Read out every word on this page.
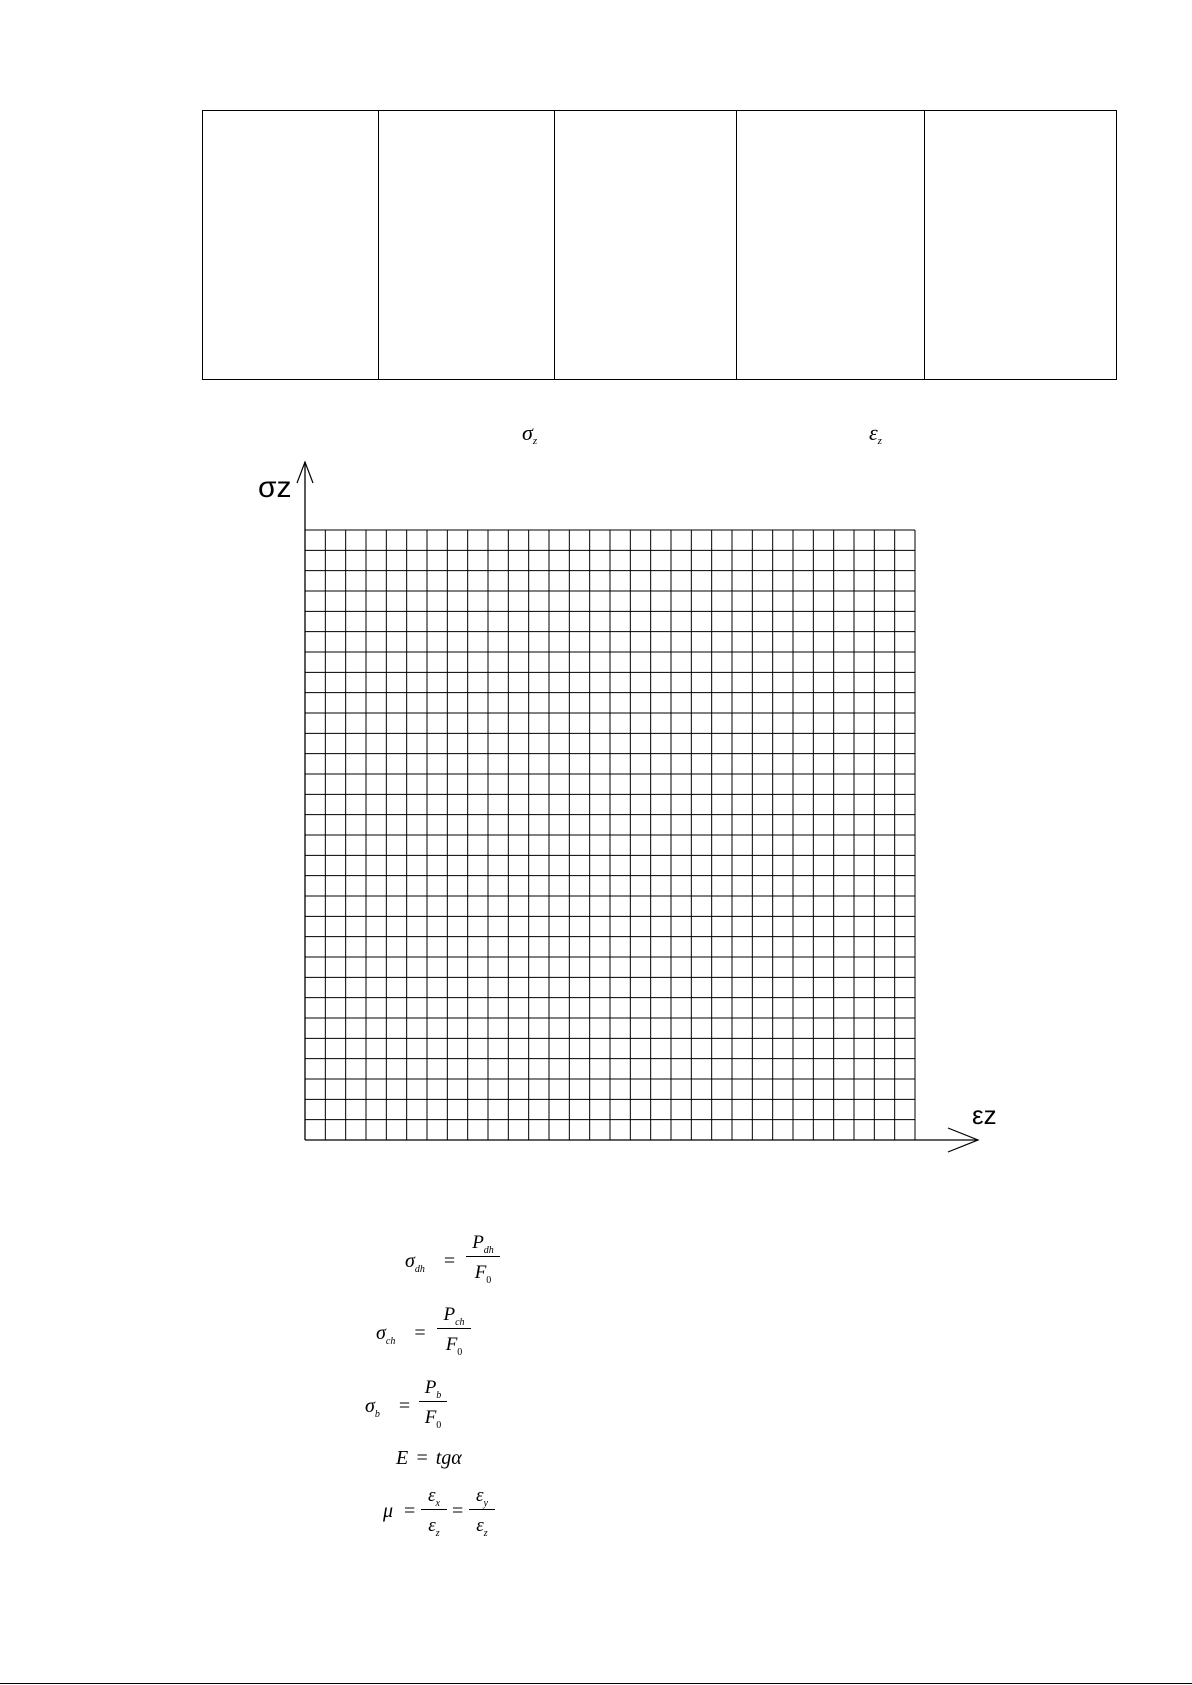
σz	εz
σz
εz
$\sigma_{dh}$ =
$P_{dh}$
$F_0$
$\sigma_{ch}$ =
$P_{ch}$
$F_0$
$\sigma_b$ =
$P_b$
$F_0$
E = tgα
μ =
$\varepsilon_x$
$\varepsilon_z$
=
$\varepsilon_y$
$\varepsilon_z$
